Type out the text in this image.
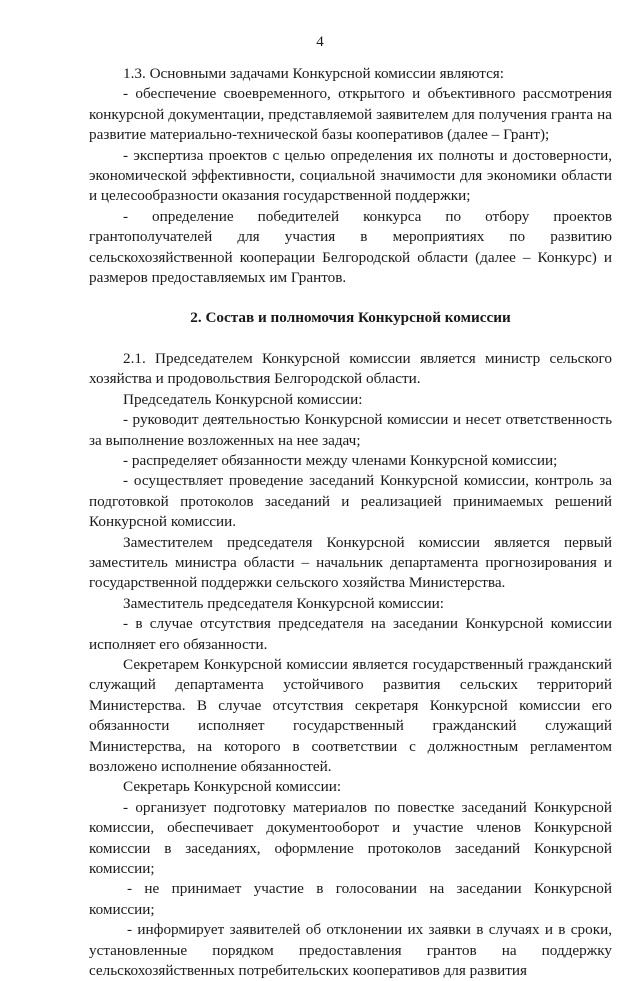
4

1.3. Основными задачами Конкурсной комиссии являются:

- обеспечение своевременного, открытого и объективного рассмотрения конкурсной документации, представляемой заявителем для получения гранта на развитие материально-технической базы кооперативов (далее – Грант);

- экспертиза проектов с целью определения их полноты и достоверности, экономической эффективности, социальной значимости для экономики области и целесообразности оказания государственной поддержки;

- определение победителей конкурса по отбору проектов грантополучателей для участия в мероприятиях по развитию сельскохозяйственной кооперации Белгородской области (далее – Конкурс) и размеров предоставляемых им Грантов.

2. Состав и полномочия Конкурсной комиссии

2.1. Председателем Конкурсной комиссии является министр сельского хозяйства и продовольствия Белгородской области.

Председатель Конкурсной комиссии:

- руководит деятельностью Конкурсной комиссии и несет ответственность за выполнение возложенных на нее задач;

- распределяет обязанности между членами Конкурсной комиссии;

- осуществляет проведение заседаний Конкурсной комиссии, контроль за подготовкой протоколов заседаний и реализацией принимаемых решений Конкурсной комиссии.

Заместителем председателя Конкурсной комиссии является первый заместитель министра области – начальник департамента прогнозирования и государственной поддержки сельского хозяйства Министерства.

Заместитель председателя Конкурсной комиссии:

- в случае отсутствия председателя на заседании Конкурсной комиссии исполняет его обязанности.

Секретарем Конкурсной комиссии является государственный гражданский служащий департамента устойчивого развития сельских территорий Министерства. В случае отсутствия секретаря Конкурсной комиссии его обязанности исполняет государственный гражданский служащий Министерства, на которого в соответствии с должностным регламентом возложено исполнение обязанностей.

Секретарь Конкурсной комиссии:

- организует подготовку материалов по повестке заседаний Конкурсной комиссии, обеспечивает документооборот и участие членов Конкурсной комиссии в заседаниях, оформление протоколов заседаний Конкурсной комиссии;

- не принимает участие в голосовании на заседании Конкурсной комиссии;

- информирует заявителей об отклонении их заявки в случаях и в сроки, установленные порядком предоставления грантов на поддержку сельскохозяйственных потребительских кооперативов для развития
